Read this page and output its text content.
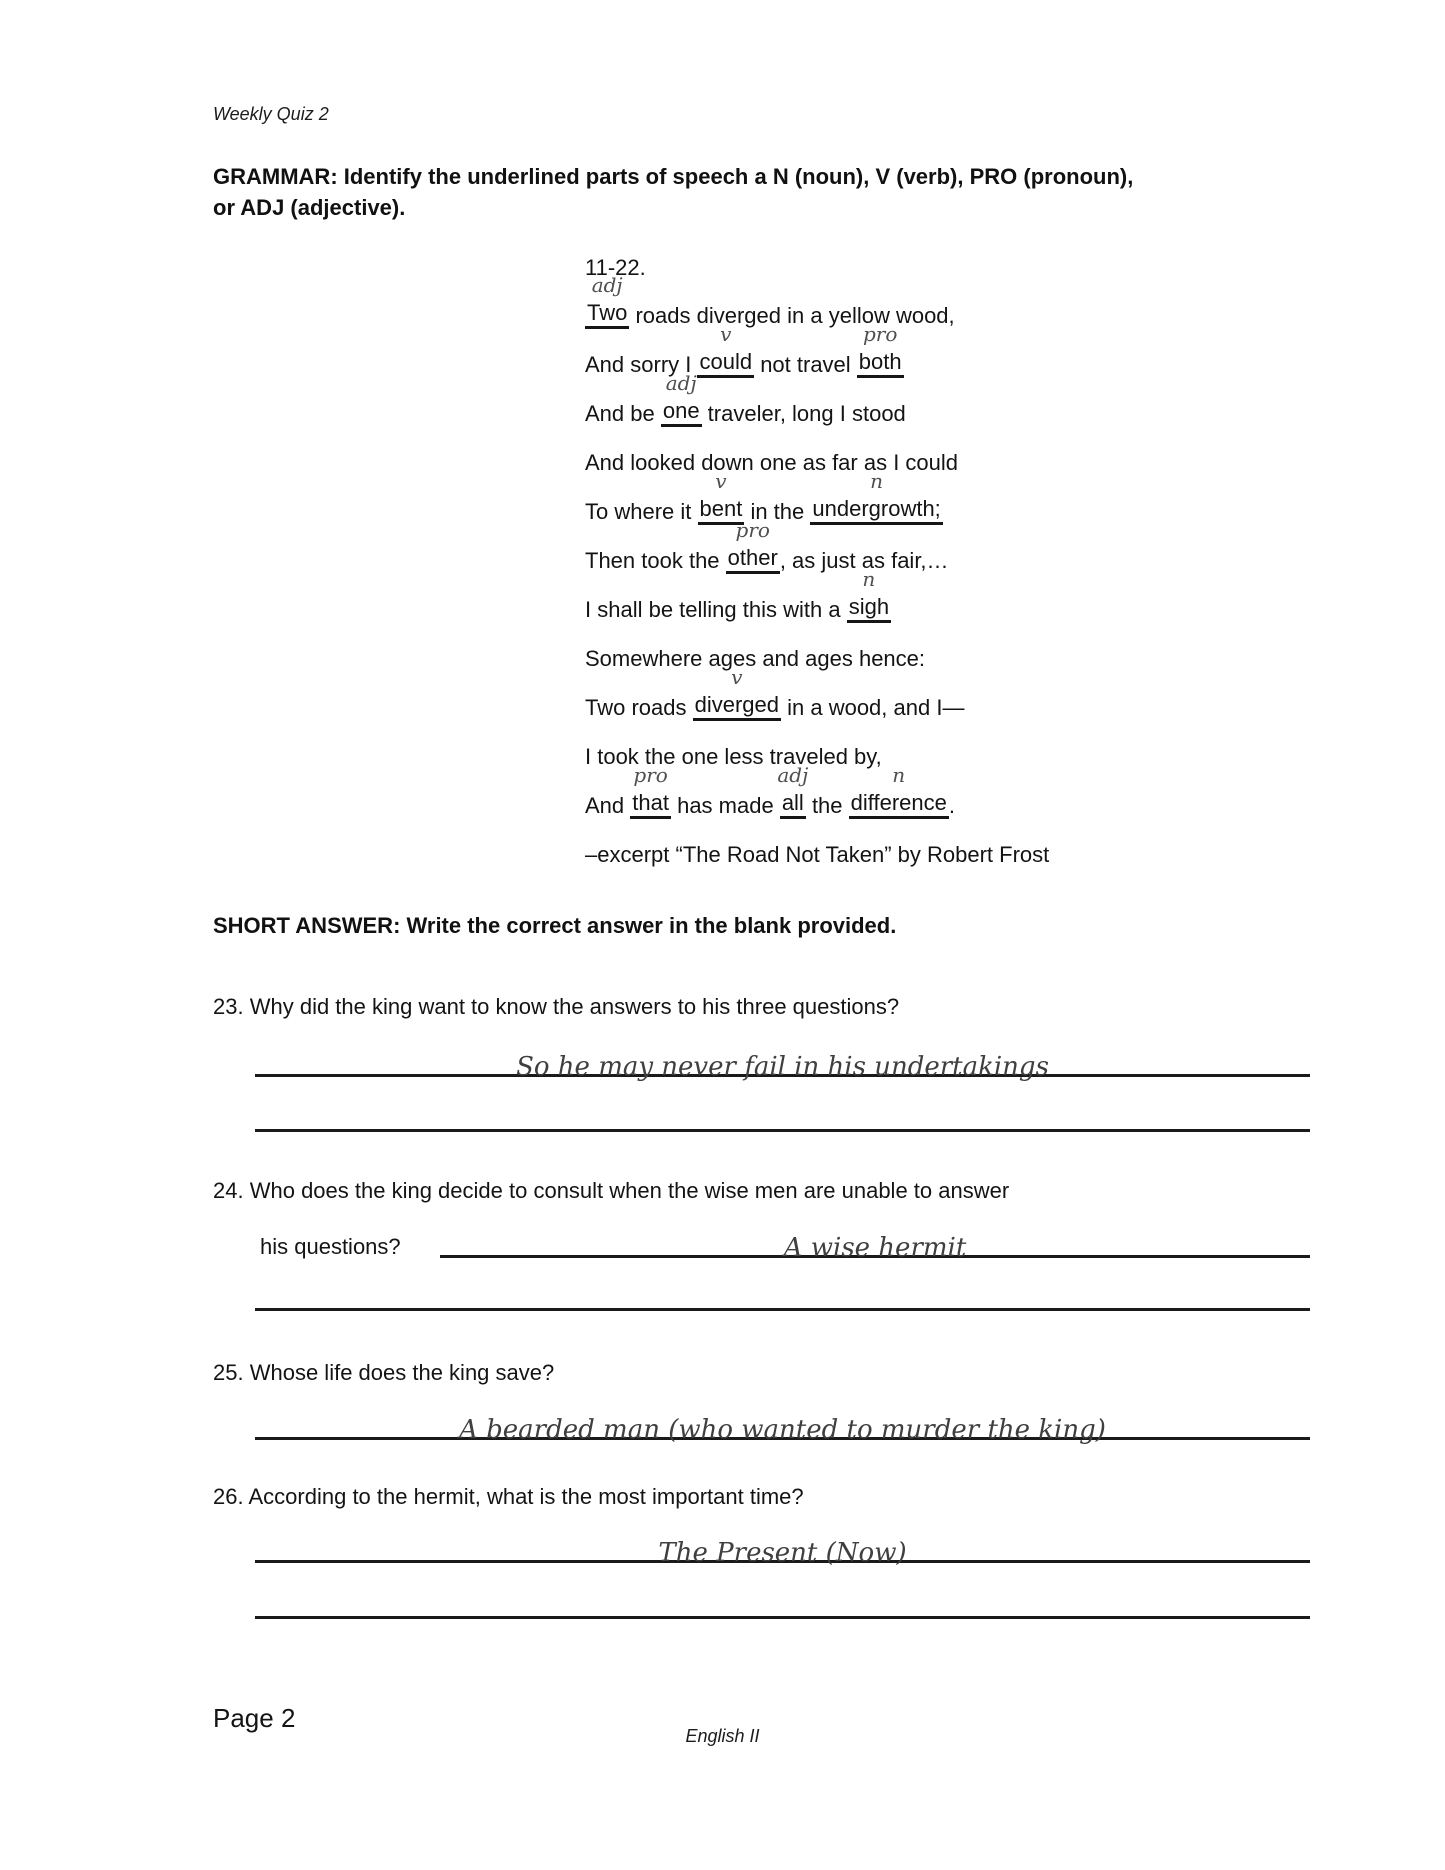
Weekly Quiz 2
GRAMMAR: Identify the underlined parts of speech a N (noun), V (verb), PRO (pronoun),
or ADJ (adjective).
11-22.
adj
Two roads diverged in a yellow wood,
And sorry I
v
could not travel
pro
both
And be
adj
one traveler, long I stood
And looked down one as far as I could
To where it
v
bent in the
n
undergrowth;
Then took the
pro
other , as just as fair,…
I shall be telling this with a
n
sigh
Somewhere ages and ages hence:
Two roads
v
diverged in a wood, and I—
I took the one less traveled by,
And
pro
that has made
adj
all the
n
difference .
–excerpt “The Road Not Taken” by Robert Frost
SHORT ANSWER: Write the correct answer in the blank provided.
23. Why did the king want to know the answers to his three questions?
So he may never fail in his undertakings
24. Who does the king decide to consult when the wise men are unable to answer
his questions?	A wise hermit
25. Whose life does the king save?
A bearded man (who wanted to murder the king)
26. According to the hermit, what is the most important time?
The Present (Now)
Page 2
English II
